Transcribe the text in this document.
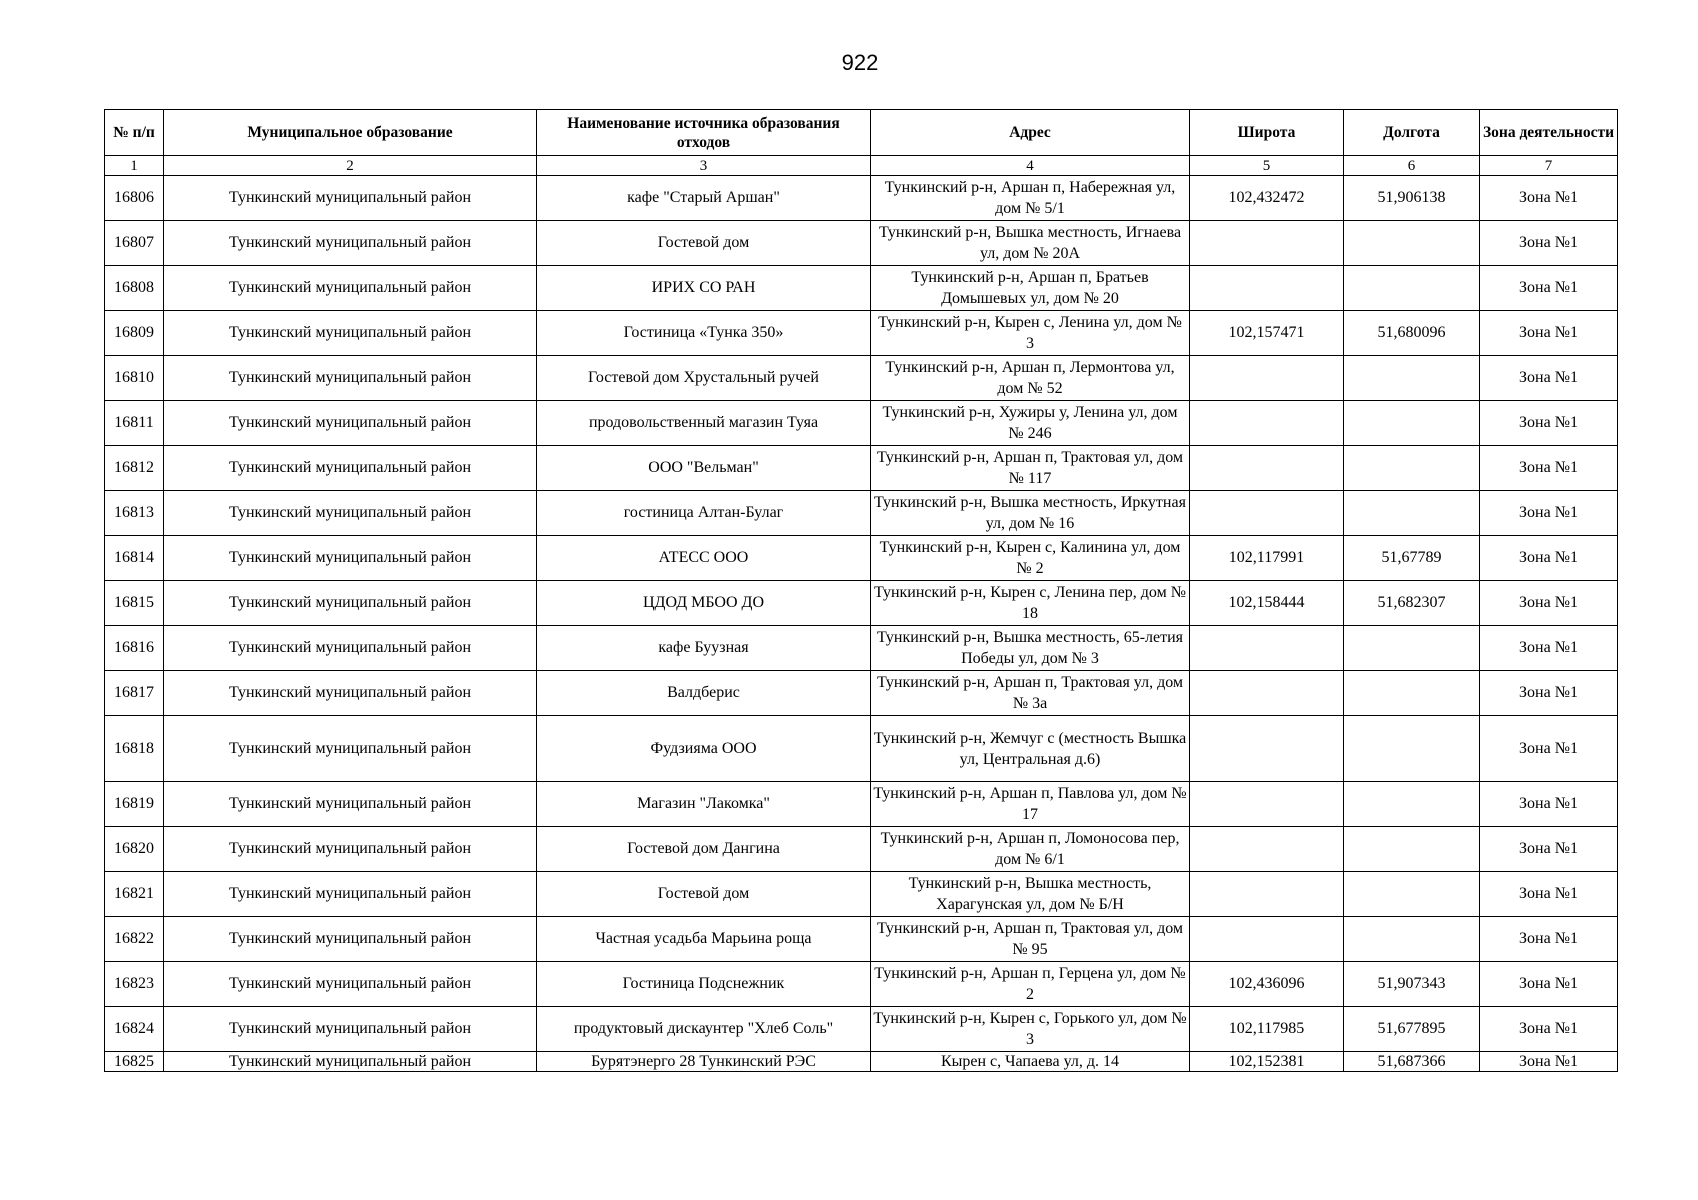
922
№ п/п	Муниципальное образование	Наименование источника образования отходов	Адрес	Широта	Долгота	Зона деятельности
1	2	3	4	5	6	7
16806	Тункинский муниципальный район	кафе "Старый Аршан"	Тункинский р-н, Аршан п, Набережная ул, дом № 5/1	102,432472	51,906138	Зона №1
16807	Тункинский муниципальный район	Гостевой дом	Тункинский р-н, Вышка местность, Игнаева ул, дом № 20А			Зона №1
16808	Тункинский муниципальный район	ИРИХ СО РАН	Тункинский р-н, Аршан п, Братьев Домышевых ул, дом № 20			Зона №1
16809	Тункинский муниципальный район	Гостиница «Тунка 350»	Тункинский р-н, Кырен с, Ленина ул, дом № 3	102,157471	51,680096	Зона №1
16810	Тункинский муниципальный район	Гостевой дом Хрустальный ручей	Тункинский р-н, Аршан п, Лермонтова ул, дом № 52			Зона №1
16811	Тункинский муниципальный район	продовольственный магазин Туяа	Тункинский р-н, Хужиры у, Ленина ул, дом № 246			Зона №1
16812	Тункинский муниципальный район	ООО "Вельман"	Тункинский р-н, Аршан п, Трактовая ул, дом № 117			Зона №1
16813	Тункинский муниципальный район	гостиница Алтан-Булаг	Тункинский р-н, Вышка местность, Иркутная ул, дом № 16			Зона №1
16814	Тункинский муниципальный район	АТЕСС ООО	Тункинский р-н, Кырен с, Калинина ул, дом № 2	102,117991	51,67789	Зона №1
16815	Тункинский муниципальный район	ЦДОД МБОО ДО	Тункинский р-н, Кырен с, Ленина пер, дом № 18	102,158444	51,682307	Зона №1
16816	Тункинский муниципальный район	кафе Буузная	Тункинский р-н, Вышка местность, 65-летия Победы ул, дом № 3			Зона №1
16817	Тункинский муниципальный район	Валдберис	Тункинский р-н, Аршан п, Трактовая ул, дом № 3а			Зона №1
16818	Тункинский муниципальный район	Фудзияма ООО	Тункинский р-н, Жемчуг с (местность Вышка ул, Центральная д.6)			Зона №1
16819	Тункинский муниципальный район	Магазин "Лакомка"	Тункинский р-н, Аршан п, Павлова ул, дом № 17			Зона №1
16820	Тункинский муниципальный район	Гостевой дом Дангина	Тункинский р-н, Аршан п, Ломоносова пер, дом № 6/1			Зона №1
16821	Тункинский муниципальный район	Гостевой дом	Тункинский р-н, Вышка местность, Харагунская ул, дом № Б/Н			Зона №1
16822	Тункинский муниципальный район	Частная усадьба Марьина роща	Тункинский р-н, Аршан п, Трактовая ул, дом № 95			Зона №1
16823	Тункинский муниципальный район	Гостиница Подснежник	Тункинский р-н, Аршан п, Герцена ул, дом № 2	102,436096	51,907343	Зона №1
16824	Тункинский муниципальный район	продуктовый дискаунтер "Хлеб Соль"	Тункинский р-н, Кырен с, Горького ул, дом № 3	102,117985	51,677895	Зона №1
16825	Тункинский муниципальный район	Бурятэнерго 28 Тункинский РЭС	Кырен с, Чапаева ул, д. 14	102,152381	51,687366	Зона №1
